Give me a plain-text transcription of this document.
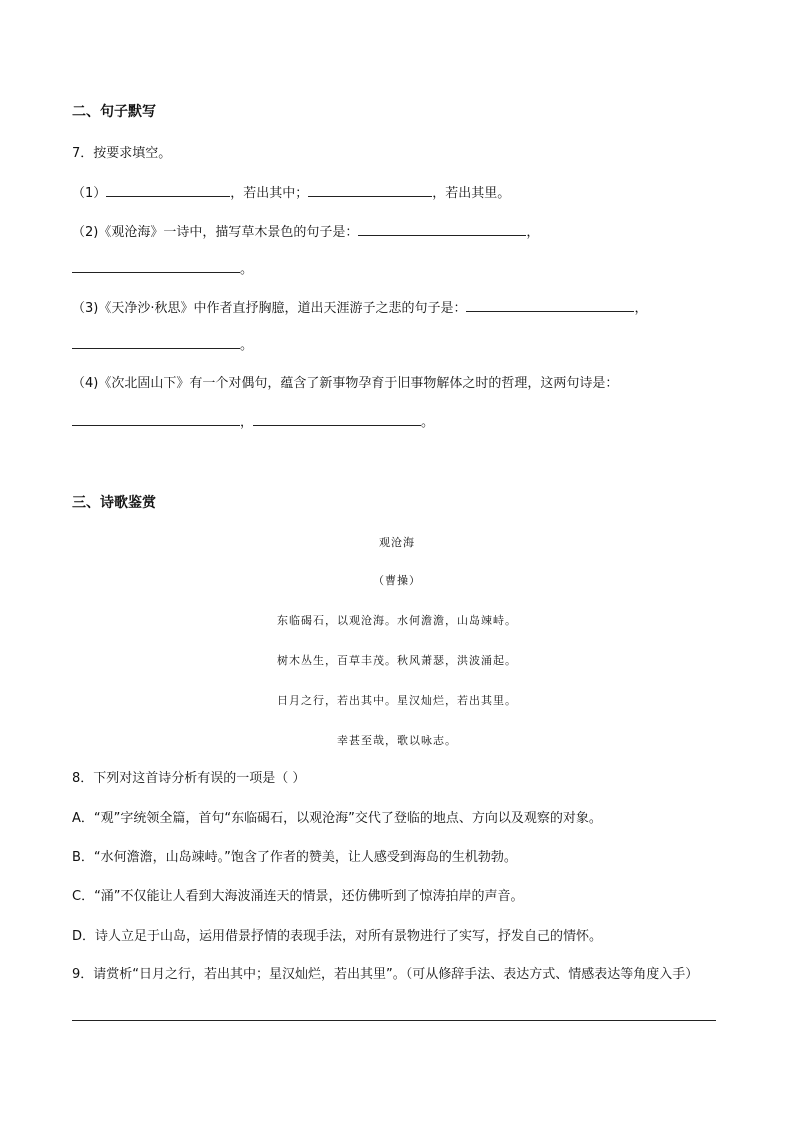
二、句子默写
7．按要求填空。
（1）	，若出其中；	，若出其里。
（2)《观沧海》一诗中，描写草木景色的句子是：	，
。
（3)《天净沙·秋思》中作者直抒胸臆，道出天涯游子之悲的句子是：	，
。
（4)《次北固山下》有一个对偶句，蕴含了新事物孕育于旧事物解体之时的哲理，这两句诗是：
，	。
三、诗歌鉴赏
观沧海
（曹操）
东临碣石，以观沧海。水何澹澹，山岛竦峙。
树木丛生，百草丰茂。秋风萧瑟，洪波涌起。
日月之行，若出其中。星汉灿烂，若出其里。
幸甚至哉，歌以咏志。
8．下列对这首诗分析有误的一项是（ ）
A．“观”字统领全篇，首句“东临碣石，以观沧海”交代了登临的地点、方向以及观察的对象。
B．“水何澹澹，山岛竦峙。”饱含了作者的赞美，让人感受到海岛的生机勃勃。
C．“涌”不仅能让人看到大海波涌连天的情景，还仿佛听到了惊涛拍岸的声音。
D．诗人立足于山岛，运用借景抒情的表现手法，对所有景物进行了实写，抒发自己的情怀。
9．请赏析“日月之行，若出其中；星汉灿烂，若出其里”。（可从修辞手法、表达方式、情感表达等角度入手）
